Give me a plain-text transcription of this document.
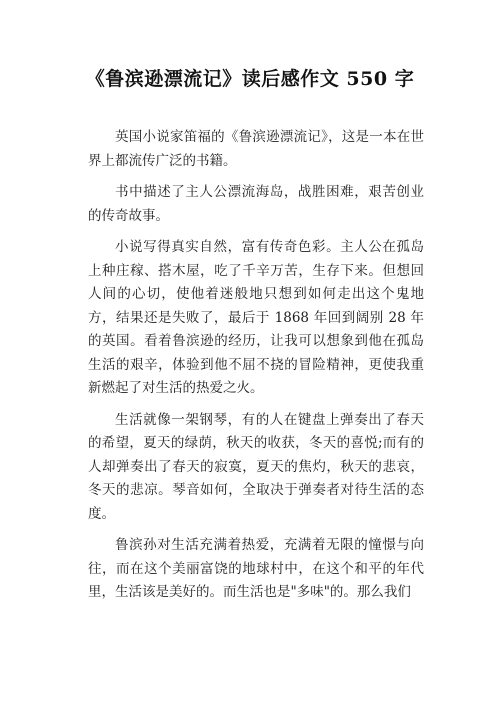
《鲁滨逊漂流记》读后感作文 550 字

英国小说家笛福的《鲁滨逊漂流记》，这是一本在世界上都流传广泛的书籍。

书中描述了主人公漂流海岛，战胜困难，艰苦创业的传奇故事。

小说写得真实自然，富有传奇色彩。主人公在孤岛上种庄稼、搭木屋，吃了千辛万苦，生存下来。但想回人间的心切，使他着迷般地只想到如何走出这个鬼地方，结果还是失败了，最后于 1868 年回到阔别 28 年的英国。看着鲁滨逊的经历，让我可以想象到他在孤岛生活的艰辛，体验到他不屈不挠的冒险精神，更使我重新燃起了对生活的热爱之火。

生活就像一架钢琴，有的人在键盘上弹奏出了春天的希望，夏天的绿荫，秋天的收获，冬天的喜悦;而有的人却弹奏出了春天的寂寞，夏天的焦灼，秋天的悲哀，冬天的悲凉。琴音如何，全取决于弹奏者对待生活的态度。

鲁滨孙对生活充满着热爱，充满着无限的憧憬与向往，而在这个美丽富饶的地球村中，在这个和平的年代里，生活该是美好的。而生活也是"多味"的。那么我们
